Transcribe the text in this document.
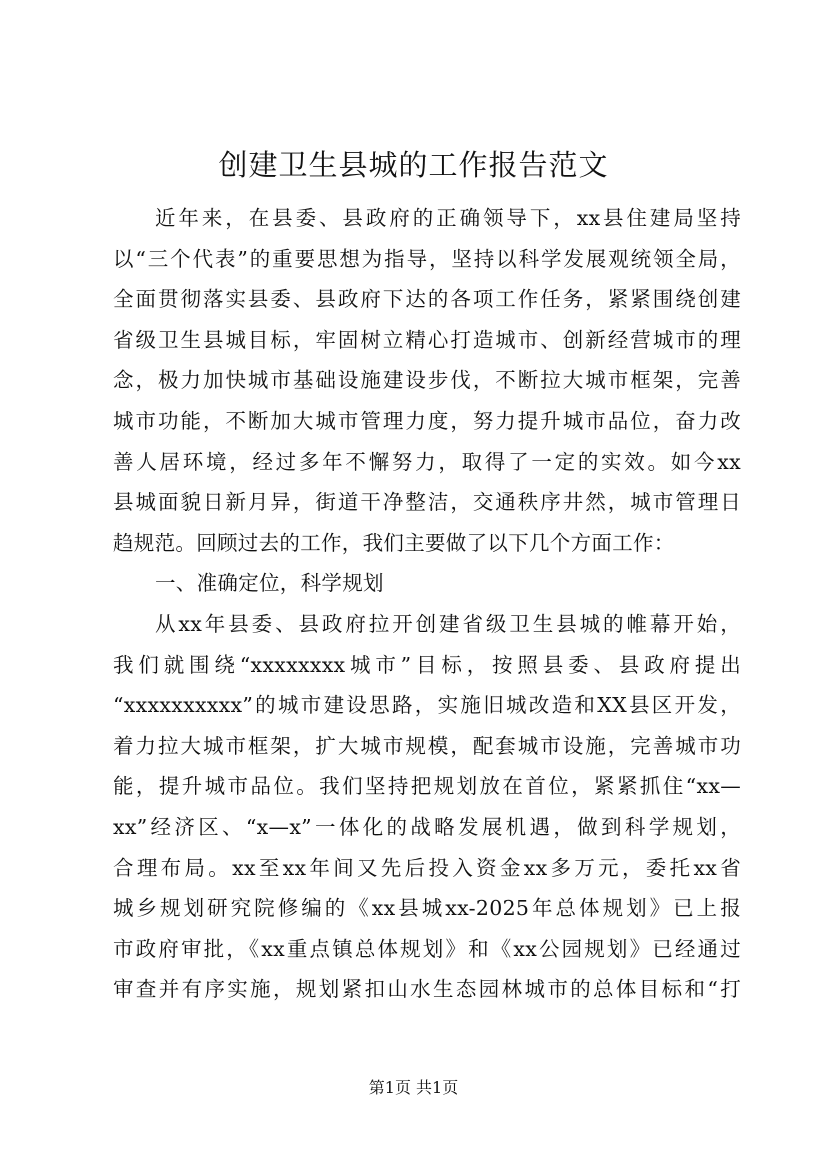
创建卫生县城的工作报告范文
近年来，在县委、县政府的正确领导下，xx县住建局坚持
以“三个代表”的重要思想为指导，坚持以科学发展观统领全局，
全面贯彻落实县委、县政府下达的各项工作任务，紧紧围绕创建
省级卫生县城目标，牢固树立精心打造城市、创新经营城市的理
念，极力加快城市基础设施建设步伐，不断拉大城市框架，完善
城市功能，不断加大城市管理力度，努力提升城市品位，奋力改
善人居环境，经过多年不懈努力，取得了一定的实效。如今xx
县城面貌日新月异，街道干净整洁，交通秩序井然，城市管理日
趋规范。回顾过去的工作，我们主要做了以下几个方面工作：
一、准确定位，科学规划
从xx年县委、县政府拉开创建省级卫生县城的帷幕开始，
我们就围绕“xxxxxxxx城市”目标，按照县委、县政府提出
“xxxxxxxxxx”的城市建设思路，实施旧城改造和XX县区开发，
着力拉大城市框架，扩大城市规模，配套城市设施，完善城市功
能，提升城市品位。我们坚持把规划放在首位，紧紧抓住“xx—
xx”经济区、“x—x”一体化的战略发展机遇，做到科学规划，
合理布局。xx至xx年间又先后投入资金xx多万元，委托xx省
城乡规划研究院修编的《xx县城xx-2025年总体规划》已上报
市政府审批，《xx重点镇总体规划》和《xx公园规划》已经通过
审查并有序实施，规划紧扣山水生态园林城市的总体目标和“打
第1页 共1页
